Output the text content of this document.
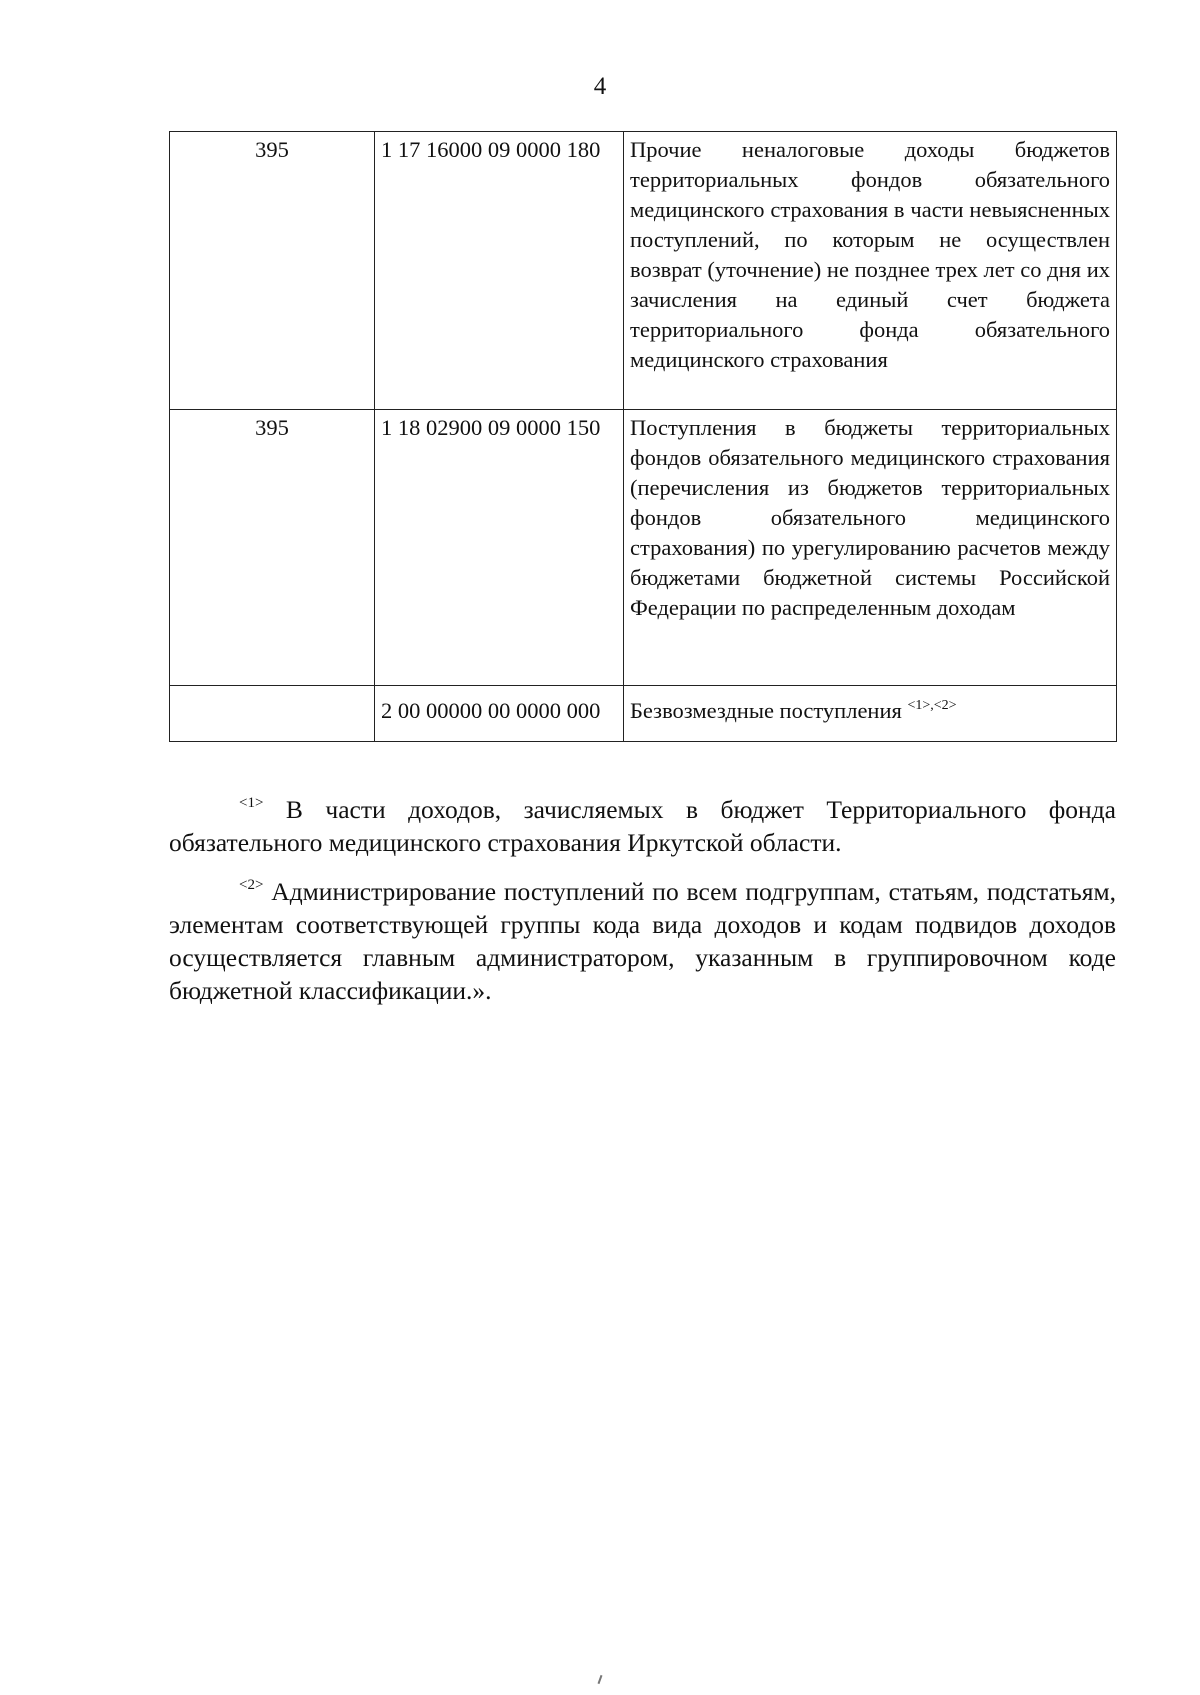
4
395	1 17 16000 09 0000 180	Прочие неналоговые доходы бюджетов территориальных фондов обязательного медицинского страхования в части невыясненных поступлений, по которым не осуществлен возврат (уточнение) не позднее трех лет со дня их зачисления на единый счет бюджета территориального фонда обязательного медицинского страхования
395	1 18 02900 09 0000 150	Поступления в бюджеты территориальных фондов обязательного медицинского страхования (перечисления из бюджетов территориальных фондов обязательного медицинского страхования) по урегулированию расчетов между бюджетами бюджетной системы Российской Федерации по распределенным доходам
	2 00 00000 00 0000 000	Безвозмездные поступления $^{<1>,<2>}$

$^{<1>}$ В части доходов, зачисляемых в бюджет Территориального фонда обязательного медицинского страхования Иркутской области.

$^{<2>}$ Администрирование поступлений по всем подгруппам, статьям, подстатьям, элементам соответствующей группы кода вида доходов и кодам подвидов доходов осуществляется главным администратором, указанным в группировочном коде бюджетной классификации.».
